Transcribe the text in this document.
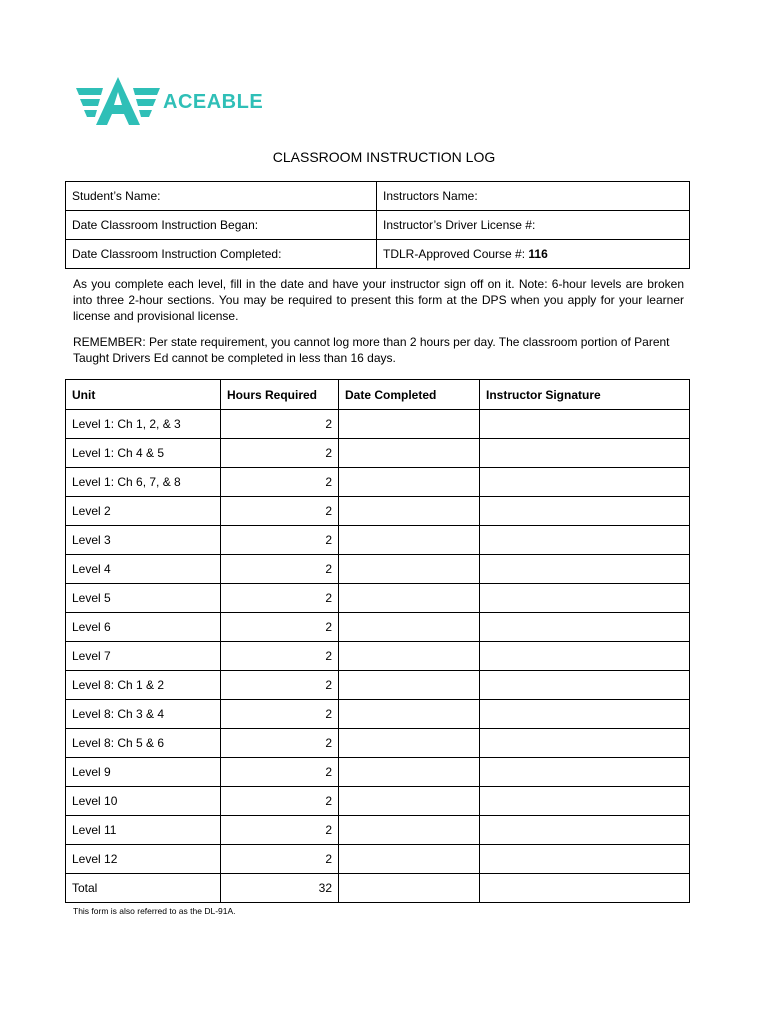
ACEABLE
CLASSROOM INSTRUCTION LOG
Student’s Name:	Instructors Name:
Date Classroom Instruction Began:	Instructor’s Driver License #:
Date Classroom Instruction Completed:	TDLR-Approved Course #: 116
As you complete each level, fill in the date and have your instructor sign off on it. Note: 6-hour levels are broken into three 2-hour sections. You may be required to present this form at the DPS when you apply for your learner license and provisional license.
REMEMBER: Per state requirement, you cannot log more than 2 hours per day. The classroom portion of Parent Taught Drivers Ed cannot be completed in less than 16 days.
Unit	Hours Required	Date Completed	Instructor Signature
Level 1: Ch 1, 2, & 3	2		
Level 1: Ch 4 & 5	2		
Level 1: Ch 6, 7, & 8	2		
Level 2	2		
Level 3	2		
Level 4	2		
Level 5	2		
Level 6	2		
Level 7	2		
Level 8: Ch 1 & 2	2		
Level 8: Ch 3 & 4	2		
Level 8: Ch 5 & 6	2		
Level 9	2		
Level 10	2		
Level 11	2		
Level 12	2		
Total	32		
This form is also referred to as the DL-91A.
